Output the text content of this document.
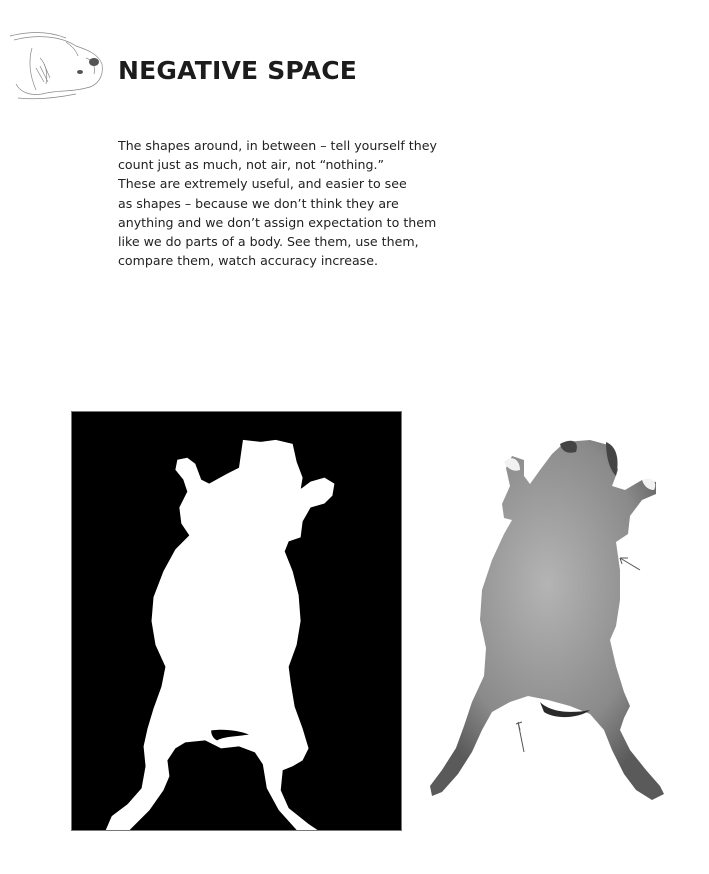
NEGATIVE SPACE
The shapes around, in between – tell yourself they
count just as much, not air, not “nothing.”
These are extremely useful, and easier to see
as shapes – because we don’t think they are
anything and we don’t assign expectation to them
like we do parts of a body. See them, use them,
compare them, watch accuracy increase.
